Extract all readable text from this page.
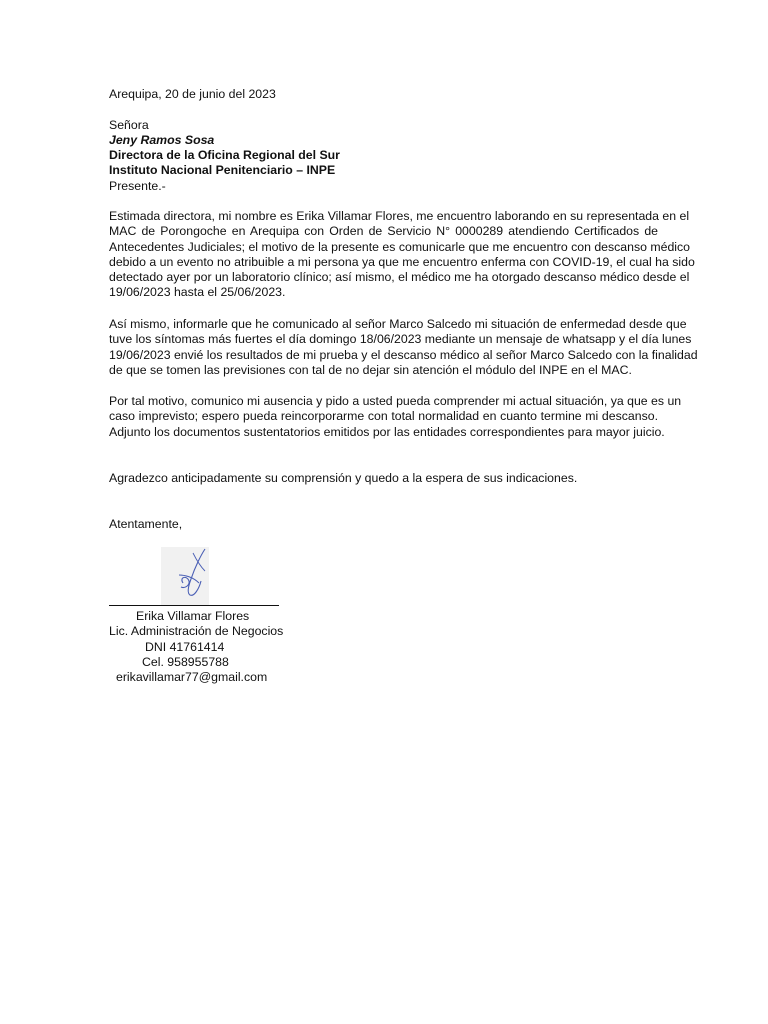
Arequipa, 20 de junio del 2023
Señora
Jeny Ramos Sosa
Directora de la Oficina Regional del Sur
Instituto Nacional Penitenciario – INPE
Presente.-
Estimada directora, mi nombre es Erika Villamar Flores, me encuentro laborando en su representada en el
MAC de Porongoche en Arequipa con Orden de Servicio N° 0000289 atendiendo Certificados de
Antecedentes Judiciales; el motivo de la presente es comunicarle que me encuentro con descanso médico
debido a un evento no atribuible a mi persona ya que me encuentro enferma con COVID-19, el cual ha sido
detectado ayer por un laboratorio clínico; así mismo, el médico me ha otorgado descanso médico desde el
19/06/2023 hasta el 25/06/2023.
Así mismo, informarle que he comunicado al señor Marco Salcedo mi situación de enfermedad desde que
tuve los síntomas más fuertes el día domingo 18/06/2023 mediante un mensaje de whatsapp y el día lunes
19/06/2023 envié los resultados de mi prueba y el descanso médico al señor Marco Salcedo con la finalidad
de que se tomen las previsiones con tal de no dejar sin atención el módulo del INPE en el MAC.
Por tal motivo, comunico mi ausencia y pido a usted pueda comprender mi actual situación, ya que es un
caso imprevisto; espero pueda reincorporarme con total normalidad en cuanto termine mi descanso.
Adjunto los documentos sustentatorios emitidos por las entidades correspondientes para mayor juicio.
Agradezco anticipadamente su comprensión y quedo a la espera de sus indicaciones.
Atentamente,
Erika Villamar Flores
Lic. Administración de Negocios
DNI 41761414
Cel. 958955788
erikavillamar77@gmail.com
